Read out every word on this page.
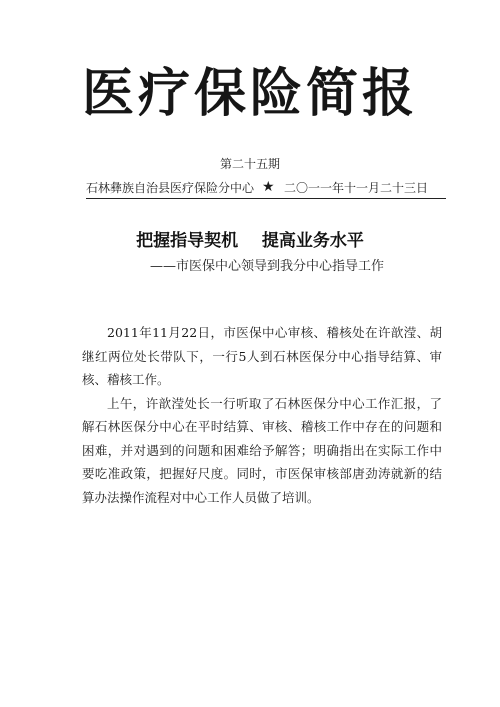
医疗保险简报
第二十五期
石林彝族自治县医疗保险分中心 ★ 二〇一一年十一月二十三日
把握指导契机    提高业务水平
——市医保中心领导到我分中心指导工作

2011年11月22日，市医保中心审核、稽核处在许歆滢、胡继红两位处长带队下，一行5人到石林医保分中心指导结算、审核、稽核工作。

上午，许歆滢处长一行听取了石林医保分中心工作汇报，了解石林医保分中心在平时结算、审核、稽核工作中存在的问题和困难，并对遇到的问题和困难给予解答；明确指出在实际工作中要吃准政策，把握好尺度。同时，市医保审核部唐劲涛就新的结算办法操作流程对中心工作人员做了培训。
